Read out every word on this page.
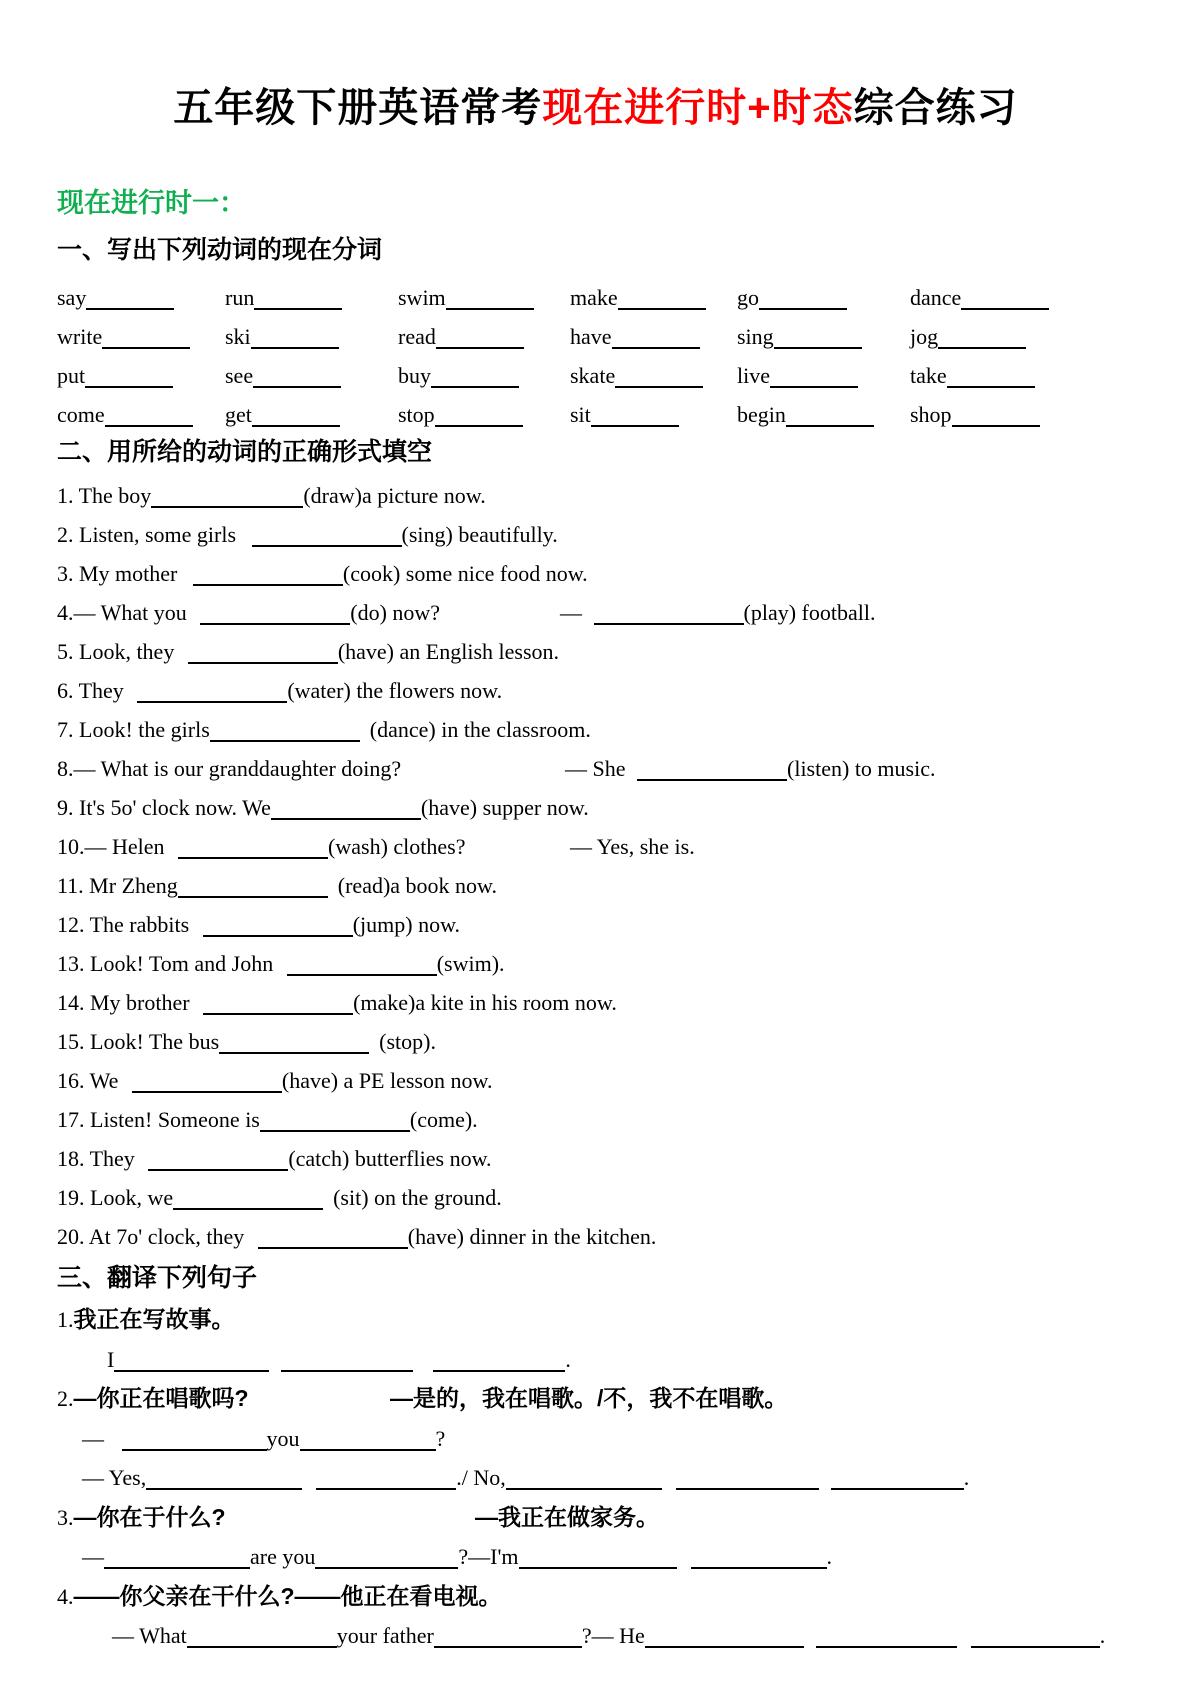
五年级下册英语常考现在进行时+时态综合练习
现在进行时一：
一、写出下列动词的现在分词
say	run	swim	make	go	dance
write	ski	read	have	sing	jog
put	see	buy	skate	live	take
come	get	stop	sit	begin	shop
二、用所给的动词的正确形式填空
1. The boy	(draw)a picture now.
2. Listen, some girls	(sing) beautifully.
3. My mother	(cook) some nice food now.
4.— What you	(do) now?	—	(play) football.
5. Look, they	(have) an English lesson.
6. They	(water) the flowers now.
7. Look! the girls	(dance) in the classroom.
8.— What is our granddaughter doing?	— She	(listen) to music.
9. It's 5o' clock now. We	(have) supper now.
10.— Helen	(wash) clothes?	— Yes, she is.
11. Mr Zheng	(read)a book now.
12. The rabbits	(jump) now.
13. Look! Tom and John	(swim).
14. My brother	(make)a kite in his room now.
15. Look! The bus	(stop).
16. We	(have) a PE lesson now.
17. Listen! Someone is	(come).
18. They	(catch) butterflies now.
19. Look, we	(sit) on the ground.
20. At 7o' clock, they	(have) dinner in the kitchen.
三、翻译下列句子
1.我正在写故事。
I	.
2.—你正在唱歌吗?	—是的，我在唱歌。/不，我不在唱歌。
—	you	?
— Yes,	./ No,	.
3.—你在于什么?	—我正在做家务。
—	are you	?—I'm	.
4.——你父亲在干什么?——他正在看电视。
— What	your father	?— He	.
